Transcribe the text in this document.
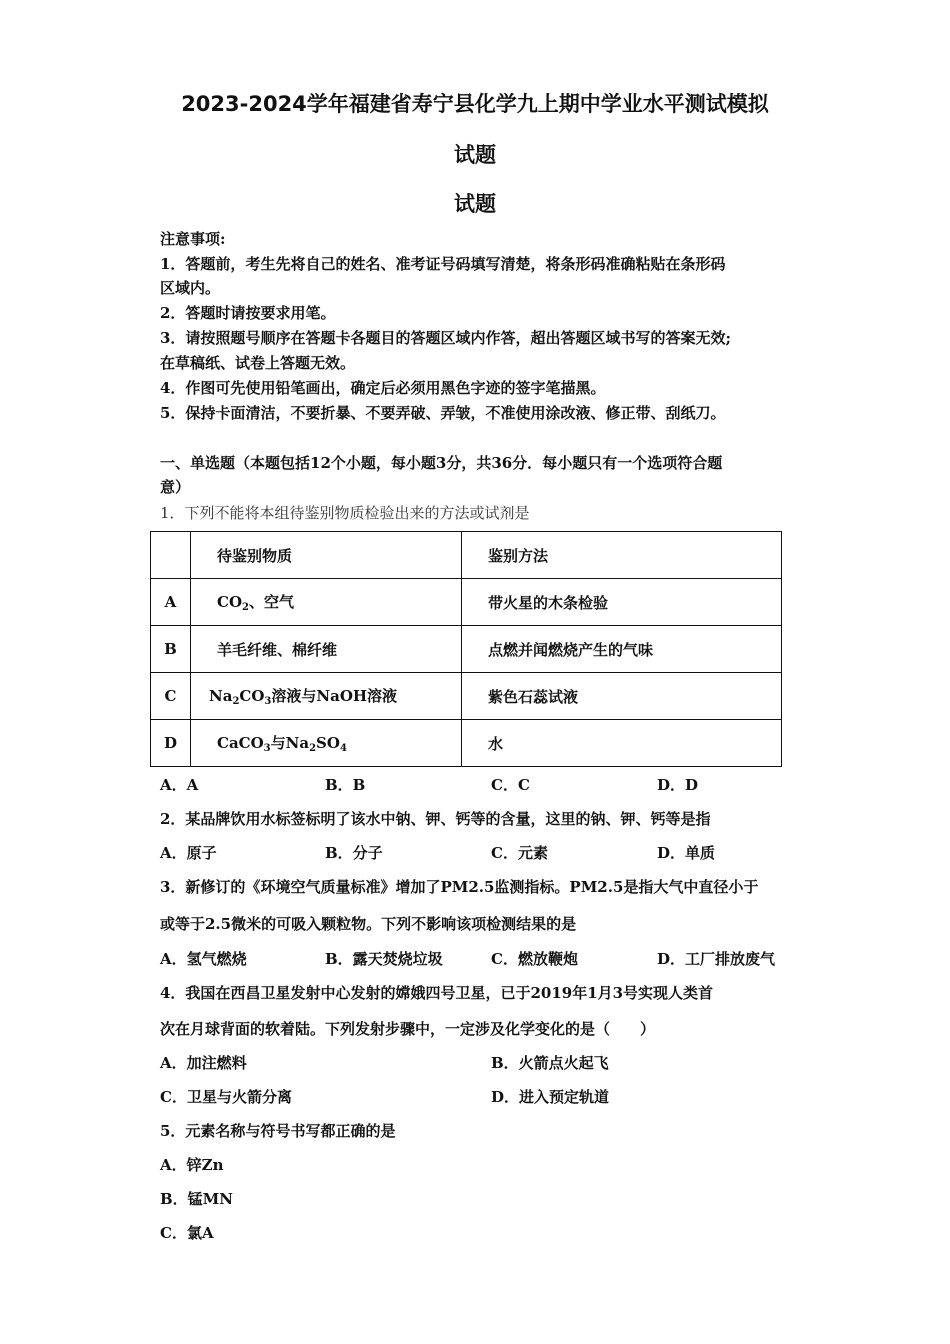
2023-2024学年福建省寿宁县化学九上期中学业水平测试模拟
试题
试题
注意事项:
1．答题前，考生先将自己的姓名、准考证号码填写清楚，将条形码准确粘贴在条形码
区域内。
2．答题时请按要求用笔。
3．请按照题号顺序在答题卡各题目的答题区域内作答，超出答题区域书写的答案无效;
在草稿纸、试卷上答题无效。
4．作图可先使用铅笔画出，确定后必须用黑色字迹的签字笔描黑。
5．保持卡面清洁，不要折暴、不要弄破、弄皱，不准使用涂改液、修正带、刮纸刀。
一、单选题（本题包括12个小题，每小题3分，共36分．每小题只有一个选项符合题
意）
1．下列不能将本组待鉴别物质检验出来的方法或试剂是
	待鉴别物质	鉴别方法
A	$CO_2$、空气	带火星的木条检验
B	羊毛纤维、棉纤维	点燃并闻燃烧产生的气味
C	$Na_2CO_3$溶液与NaOH溶液	紫色石蕊试液
D	CaCO$_3$与$Na_2SO_4$	水
A．A	B．B	C．C	D．D
2．某品牌饮用水标签标明了该水中钠、钾、钙等的含量，这里的钠、钾、钙等是指
A．原子	B．分子	C．元素	D．单质
3．新修订的《环境空气质量标准》增加了PM2.5监测指标。PM2.5是指大气中直径小于
或等于2.5微米的可吸入颗粒物。下列不影响该项检测结果的是
A．氢气燃烧	B．露天焚烧垃圾	C．燃放鞭炮	D．工厂排放废气
4．我国在西昌卫星发射中心发射的嫦娥四号卫星，已于2019年1月3号实现人类首
次在月球背面的软着陆。下列发射步骤中，一定涉及化学变化的是（　　）
A．加注燃料	B．火箭点火起飞
C．卫星与火箭分离	D．进入预定轨道
5．元素名称与符号书写都正确的是
A．锌Zn
B．锰MN
C．氯A
